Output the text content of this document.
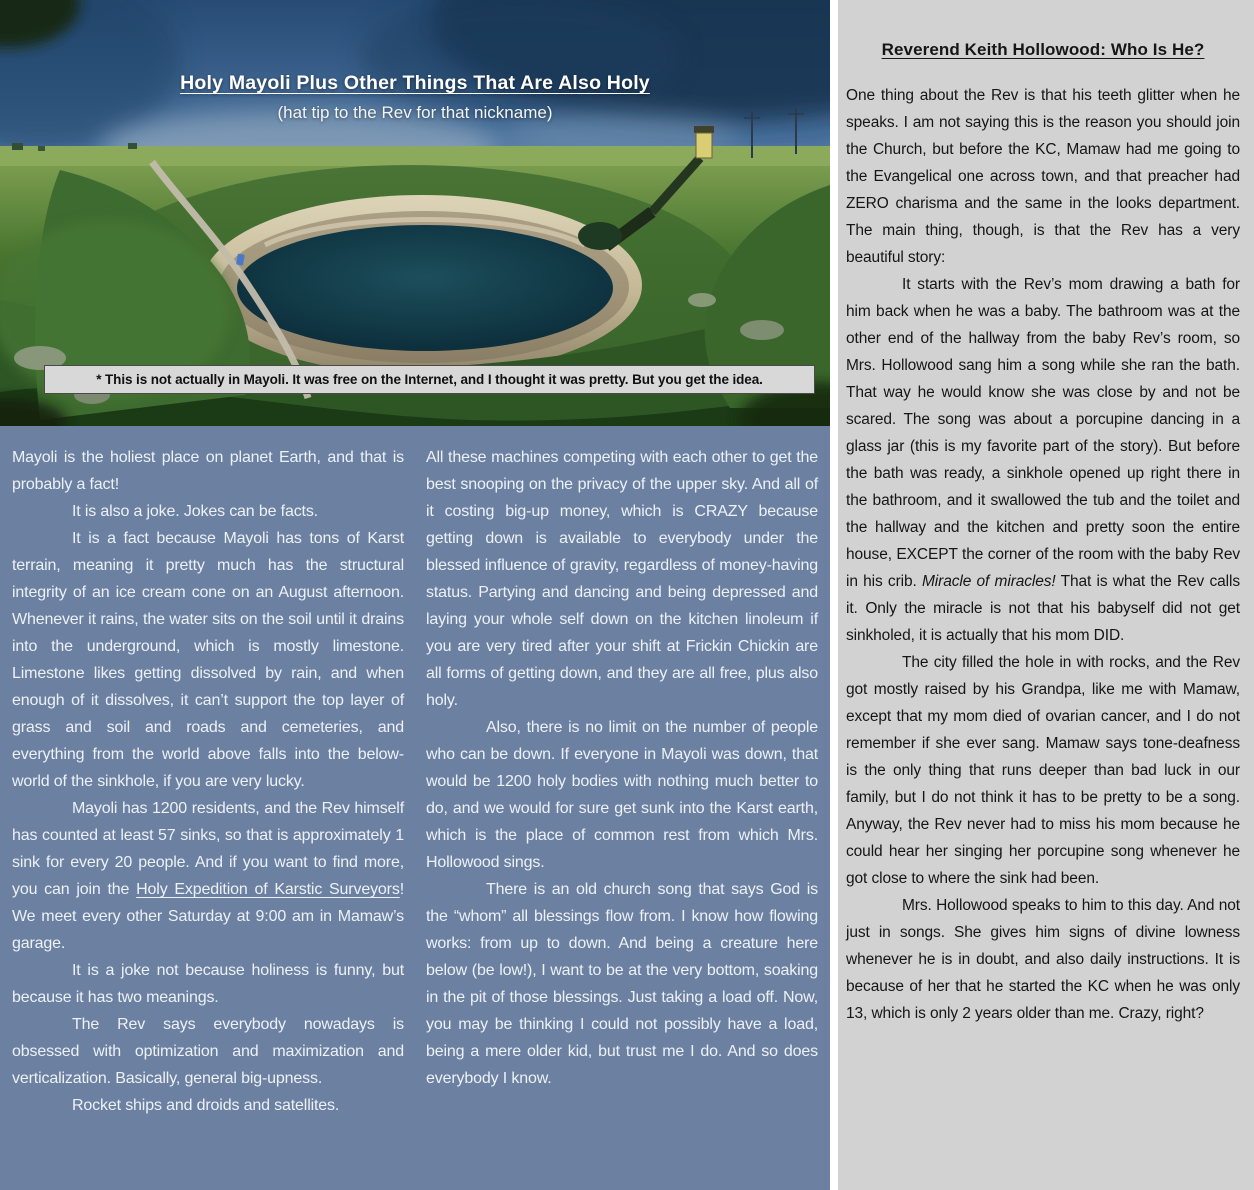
Holy Mayoli Plus Other Things That Are Also Holy
(hat tip to the Rev for that nickname)
* This is not actually in Mayoli. It was free on the Internet, and I thought it was pretty. But you get the idea.

Mayoli is the holiest place on planet Earth, and that is probably a fact!

It is also a joke. Jokes can be facts.

It is a fact because Mayoli has tons of Karst terrain, meaning it pretty much has the structural integrity of an ice cream cone on an August afternoon. Whenever it rains, the water sits on the soil until it drains into the underground, which is mostly limestone. Limestone likes getting dissolved by rain, and when enough of it dissolves, it can’t support the top layer of grass and soil and roads and cemeteries, and everything from the world above falls into the below-world of the sinkhole, if you are very lucky.

Mayoli has 1200 residents, and the Rev himself has counted at least 57 sinks, so that is approximately 1 sink for every 20 people. And if you want to find more, you can join the Holy Expedition of Karstic Surveyors! We meet every other Saturday at 9:00 am in Mamaw’s garage.

It is a joke not because holiness is funny, but because it has two meanings.

The Rev says everybody nowadays is obsessed with optimization and maximization and verticalization. Basically, general big-upness.

Rocket ships and droids and satellites.

All these machines competing with each other to get the best snooping on the privacy of the upper sky. And all of it costing big-up money, which is CRAZY because getting down is available to everybody under the blessed influence of gravity, regardless of money-having status. Partying and dancing and being depressed and laying your whole self down on the kitchen linoleum if you are very tired after your shift at Frickin Chickin are all forms of getting down, and they are all free, plus also holy.

Also, there is no limit on the number of people who can be down. If everyone in Mayoli was down, that would be 1200 holy bodies with nothing much better to do, and we would for sure get sunk into the Karst earth, which is the place of common rest from which Mrs. Hollowood sings.

There is an old church song that says God is the “whom” all blessings flow from. I know how flowing works: from up to down. And being a creature here below (be low!), I want to be at the very bottom, soaking in the pit of those blessings. Just taking a load off. Now, you may be thinking I could not possibly have a load, being a mere older kid, but trust me I do. And so does everybody I know.

Reverend Keith Hollowood: Who Is He?

One thing about the Rev is that his teeth glitter when he speaks. I am not saying this is the reason you should join the Church, but before the KC, Mamaw had me going to the Evangelical one across town, and that preacher had ZERO charisma and the same in the looks department. The main thing, though, is that the Rev has a very beautiful story:

It starts with the Rev’s mom drawing a bath for him back when he was a baby. The bathroom was at the other end of the hallway from the baby Rev’s room, so Mrs. Hollowood sang him a song while she ran the bath. That way he would know she was close by and not be scared. The song was about a porcupine dancing in a glass jar (this is my favorite part of the story). But before the bath was ready, a sinkhole opened up right there in the bathroom, and it swallowed the tub and the toilet and the hallway and the kitchen and pretty soon the entire house, EXCEPT the corner of the room with the baby Rev in his crib. Miracle of miracles! That is what the Rev calls it. Only the miracle is not that his babyself did not get sinkholed, it is actually that his mom DID.

The city filled the hole in with rocks, and the Rev got mostly raised by his Grandpa, like me with Mamaw, except that my mom died of ovarian cancer, and I do not remember if she ever sang. Mamaw says tone-deafness is the only thing that runs deeper than bad luck in our family, but I do not think it has to be pretty to be a song. Anyway, the Rev never had to miss his mom because he could hear her singing her porcupine song whenever he got close to where the sink had been.

Mrs. Hollowood speaks to him to this day. And not just in songs. She gives him signs of divine lowness whenever he is in doubt, and also daily instructions. It is because of her that he started the KC when he was only 13, which is only 2 years older than me. Crazy, right?
